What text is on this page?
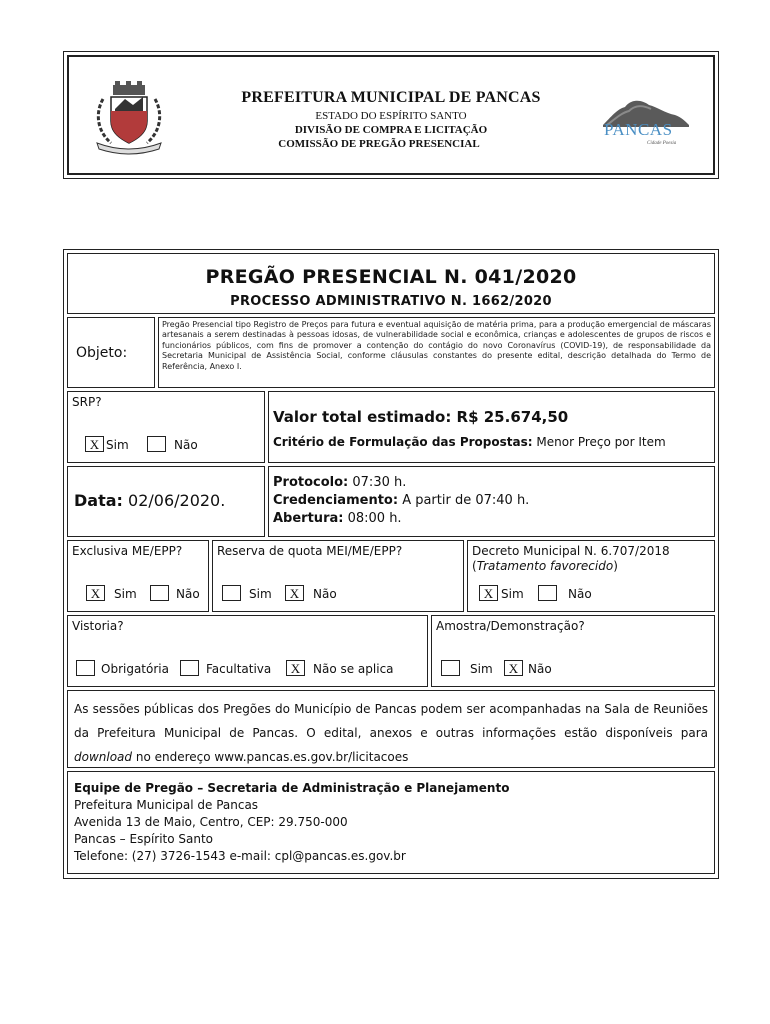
PREFEITURA MUNICIPAL DE PANCAS
ESTADO DO ESPÍRITO SANTO
DIVISÃO DE COMPRA E LICITAÇÃO
COMISSÃO DE PREGÃO PRESENCIAL
PANCAS
Cidade Poesia
PREGÃO PRESENCIAL N. 041/2020
PROCESSO ADMINISTRATIVO N. 1662/2020
Objeto:
Pregão Presencial tipo Registro de Preços para futura e eventual aquisição de matéria prima, para a produção emergencial de máscaras artesanais a serem destinadas à pessoas idosas, de vulnerabilidade social e econômica, crianças e adolescentes de grupos de riscos e funcionários públicos, com fins de promover a contenção do contágio do novo Coronavírus (COVID-19), de responsabilidade da Secretaria Municipal de Assistência Social, conforme cláusulas constantes do presente edital, descrição detalhada do Termo de Referência, Anexo I.
SRP?
X Sim	Não
Valor total estimado: R$ 25.674,50
Critério de Formulação das Propostas: Menor Preço por Item
Data: 02/06/2020.
Protocolo: 07:30 h.
Credenciamento: A partir de 07:40 h.
Abertura: 08:00 h.
Exclusiva ME/EPP?
X	Sim	Não
Reserva de quota MEI/ME/EPP?
Sim	X	Não
Decreto Municipal N. 6.707/2018
(Tratamento favorecido)
X Sim	Não
Vistoria?
Obrigatória	Facultativa	X	Não se aplica
Amostra/Demonstração?
Sim	X Não
As sessões públicas dos Pregões do Município de Pancas podem ser acompanhadas na Sala de Reuniões da Prefeitura Municipal de Pancas. O edital, anexos e outras informações estão disponíveis para download no endereço www.pancas.es.gov.br/licitacoes
Equipe de Pregão – Secretaria de Administração e Planejamento
Prefeitura Municipal de Pancas
Avenida 13 de Maio, Centro, CEP: 29.750-000
Pancas – Espírito Santo
Telefone: (27) 3726-1543 e-mail: cpl@pancas.es.gov.br
